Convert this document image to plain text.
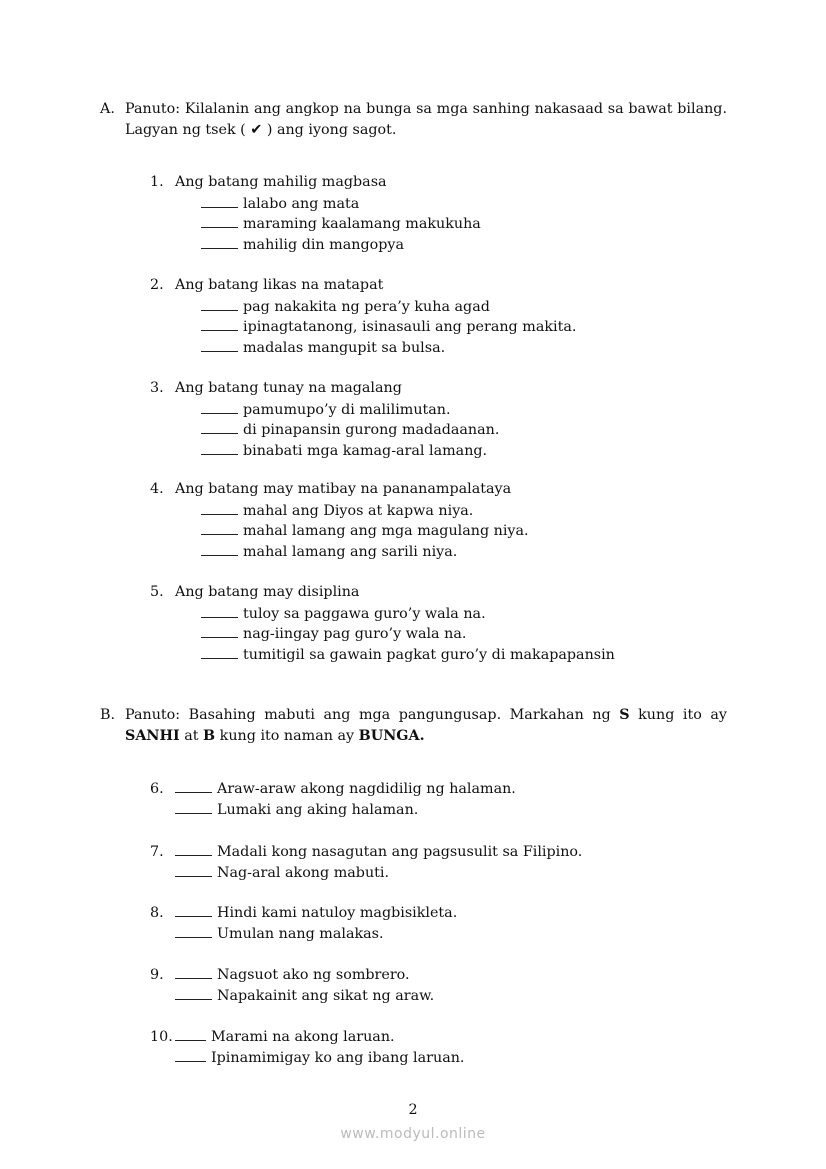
A. Panuto: Kilalanin ang angkop na bunga sa mga sanhing nakasaad sa bawat bilang. Lagyan ng tsek ( ✔ ) ang iyong sagot.
1. Ang batang mahilig magbasa
lalabo ang mata
maraming kaalamang makukuha
mahilig din mangopya
2. Ang batang likas na matapat
pag nakakita ng pera’y kuha agad
ipinagtatanong, isinasauli ang perang makita.
madalas mangupit sa bulsa.
3. Ang batang tunay na magalang
pamumupo’y di malilimutan.
di pinapansin gurong madadaanan.
binabati mga kamag-aral lamang.
4. Ang batang may matibay na pananampalataya
mahal ang Diyos at kapwa niya.
mahal lamang ang mga magulang niya.
mahal lamang ang sarili niya.
5. Ang batang may disiplina
tuloy sa paggawa guro’y wala na.
nag-iingay pag guro’y wala na.
tumitigil sa gawain pagkat guro’y di makapapansin
B. Panuto: Basahing mabuti ang mga pangungusap. Markahan ng S kung ito ay SANHI at B kung ito naman ay BUNGA.
6.	Araw-araw akong nagdidilig ng halaman.
Lumaki ang aking halaman.
7.	Madali kong nasagutan ang pagsusulit sa Filipino.
Nag-aral akong mabuti.
8.	Hindi kami natuloy magbisikleta.
Umulan nang malakas.
9.	Nagsuot ako ng sombrero.
Napakainit ang sikat ng araw.
10.	Marami na akong laruan.
Ipinamimigay ko ang ibang laruan.
2
www.modyul.online
